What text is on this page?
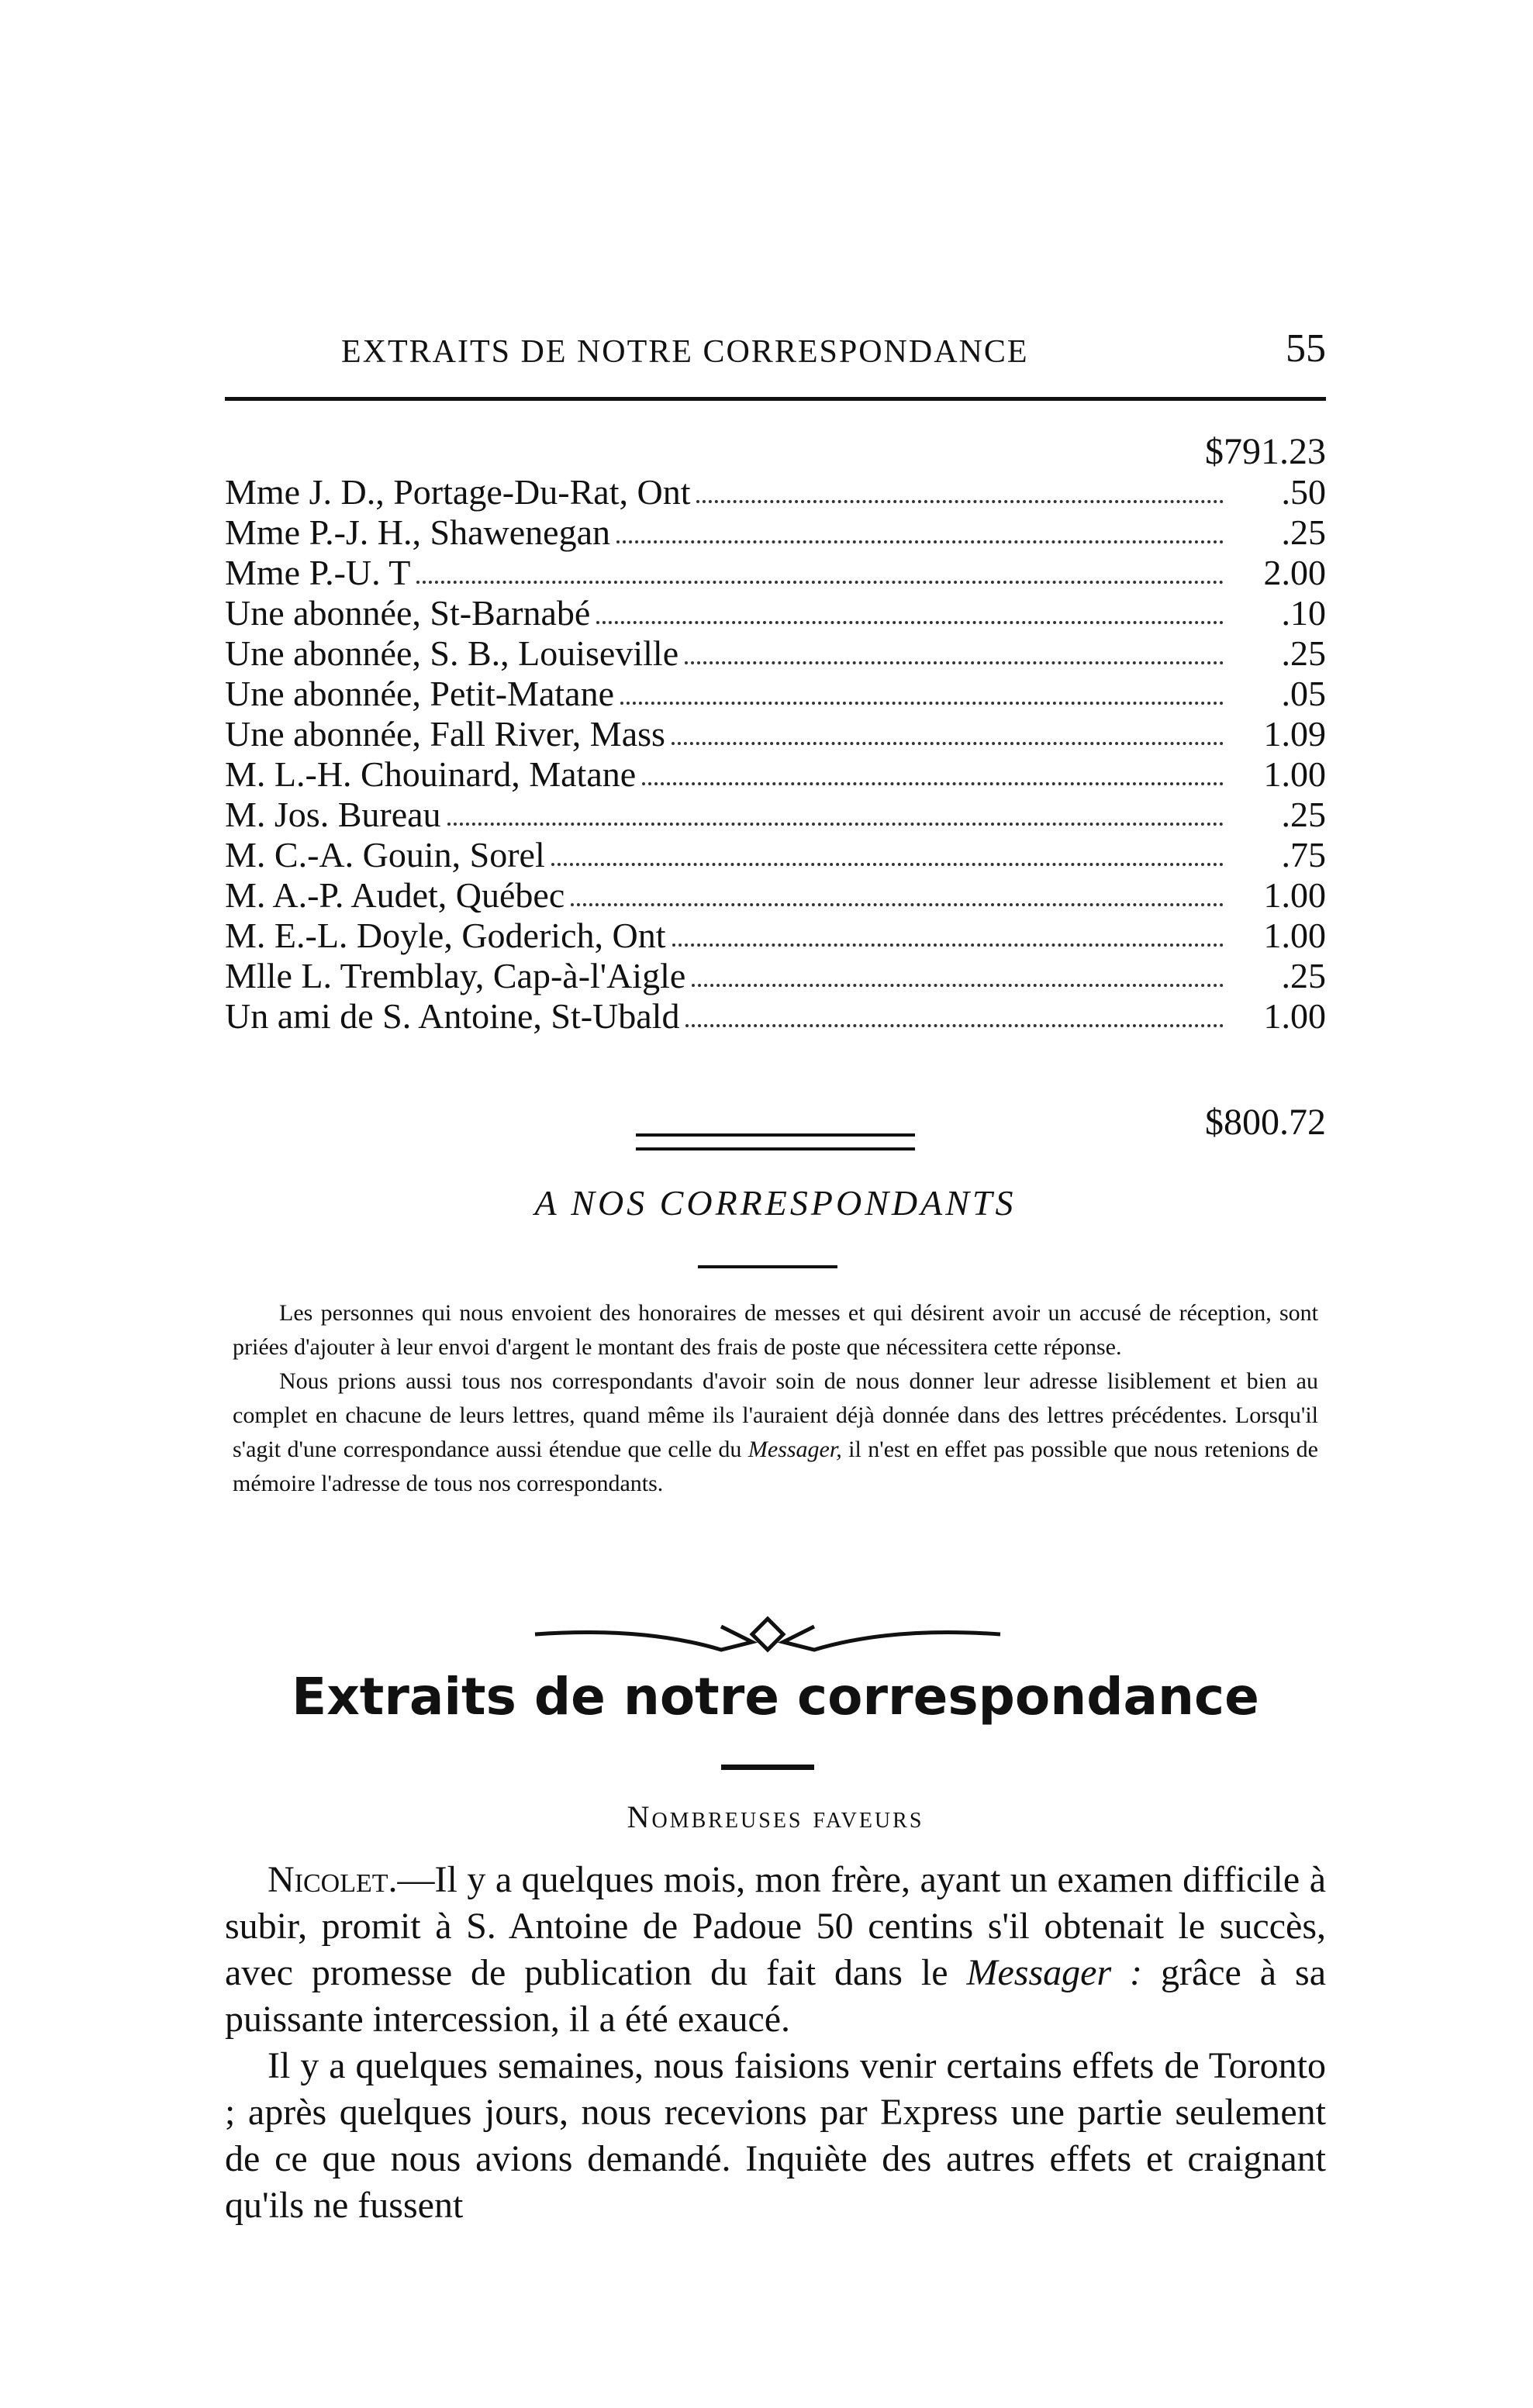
EXTRAITS DE NOTRE CORRESPONDANCE	55
$791.23
Mme J. D., Portage-Du-Rat, Ont	.50
Mme P.-J. H., Shawenegan	.25
Mme P.-U. T	2.00
Une abonnée, St-Barnabé	.10
Une abonnée, S. B., Louiseville	.25
Une abonnée, Petit-Matane	.05
Une abonnée, Fall River, Mass	1.09
M. L.-H. Chouinard, Matane	1.00
M. Jos. Bureau	.25
M. C.-A. Gouin, Sorel	.75
M. A.-P. Audet, Québec	1.00
M. E.-L. Doyle, Goderich, Ont	1.00
Mlle L. Tremblay, Cap-à-l'Aigle	.25
Un ami de S. Antoine, St-Ubald	1.00
$800.72
A NOS CORRESPONDANTS

Les personnes qui nous envoient des honoraires de messes et qui désirent avoir un accusé de réception, sont priées d'ajouter à leur envoi d'argent le montant des frais de poste que nécessitera cette réponse.

Nous prions aussi tous nos correspondants d'avoir soin de nous donner leur adresse lisiblement et bien au complet en chacune de leurs lettres, quand même ils l'auraient déjà donnée dans des lettres précédentes. Lorsqu'il s'agit d'une correspondance aussi étendue que celle du Messager, il n'est en effet pas possible que nous retenions de mémoire l'adresse de tous nos correspondants.

Extraits de notre correspondance
Nombreuses faveurs

Nicolet.—Il y a quelques mois, mon frère, ayant un examen difficile à subir, promit à S. Antoine de Padoue 50 centins s'il obtenait le succès, avec promesse de publication du fait dans le Messager : grâce à sa puissante intercession, il a été exaucé.

Il y a quelques semaines, nous faisions venir certains effets de Toronto ; après quelques jours, nous recevions par Express une partie seulement de ce que nous avions demandé. Inquiète des autres effets et craignant qu'ils ne fussent
